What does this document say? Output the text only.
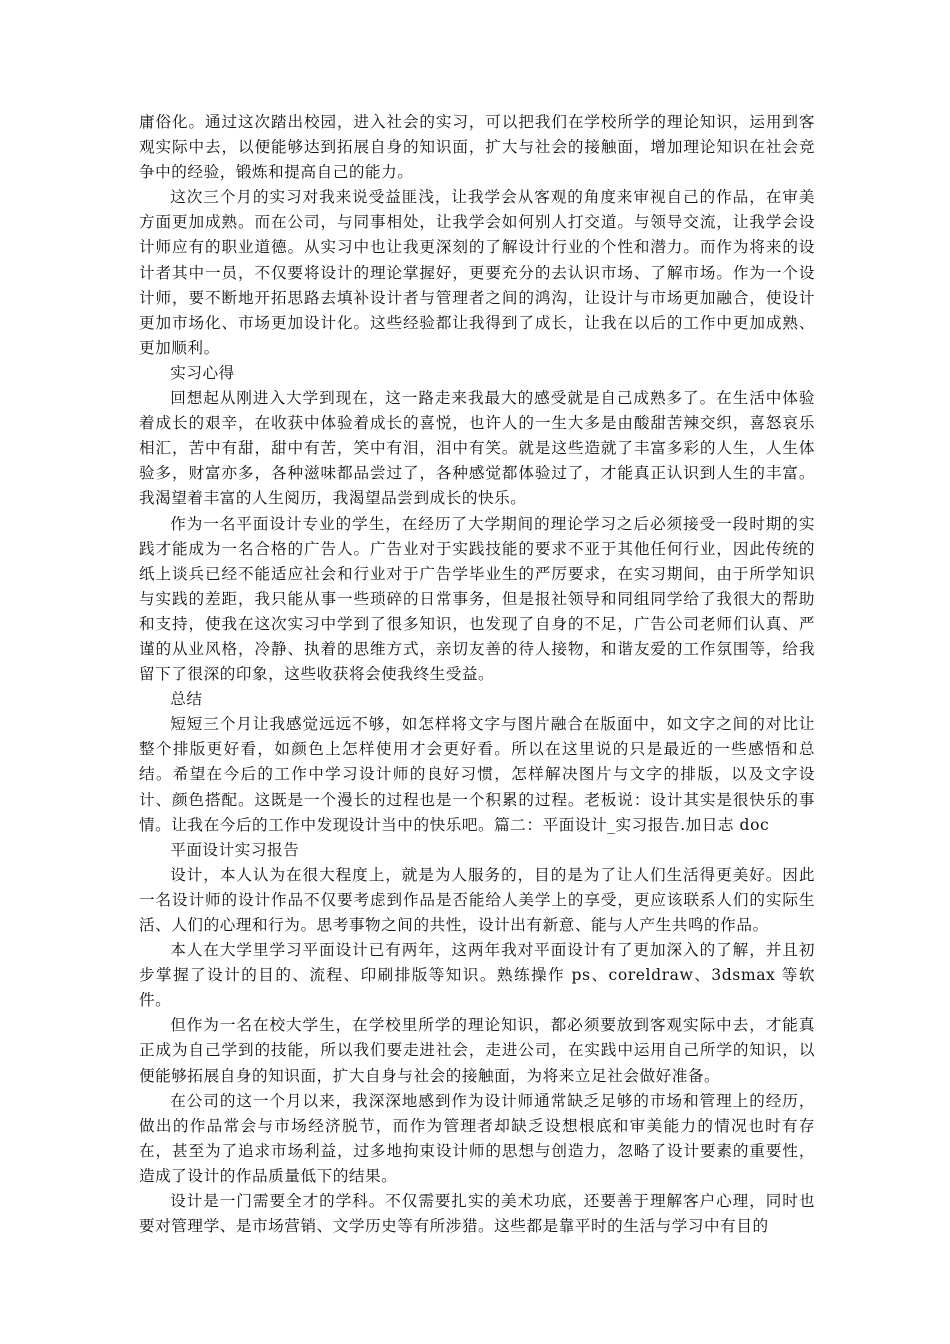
庸俗化。通过这次踏出校园，进入社会的实习，可以把我们在学校所学的理论知识，运用到客观实际中去，以便能够达到拓展自身的知识面，扩大与社会的接触面，增加理论知识在社会竞争中的经验，锻炼和提高自己的能力。

这次三个月的实习对我来说受益匪浅，让我学会从客观的角度来审视自己的作品，在审美方面更加成熟。而在公司，与同事相处，让我学会如何别人打交道。与领导交流，让我学会设计师应有的职业道德。从实习中也让我更深刻的了解设计行业的个性和潜力。而作为将来的设计者其中一员，不仅要将设计的理论掌握好，更要充分的去认识市场、了解市场。作为一个设计师，要不断地开拓思路去填补设计者与管理者之间的鸿沟，让设计与市场更加融合，使设计更加市场化、市场更加设计化。这些经验都让我得到了成长，让我在以后的工作中更加成熟、更加顺利。

实习心得

回想起从刚进入大学到现在，这一路走来我最大的感受就是自己成熟多了。在生活中体验着成长的艰辛，在收获中体验着成长的喜悦，也许人的一生大多是由酸甜苦辣交织，喜怒哀乐相汇，苦中有甜，甜中有苦，笑中有泪，泪中有笑。就是这些造就了丰富多彩的人生，人生体验多，财富亦多，各种滋味都品尝过了，各种感觉都体验过了，才能真正认识到人生的丰富。我渴望着丰富的人生阅历，我渴望品尝到成长的快乐。

作为一名平面设计专业的学生，在经历了大学期间的理论学习之后必须接受一段时期的实践才能成为一名合格的广告人。广告业对于实践技能的要求不亚于其他任何行业，因此传统的纸上谈兵已经不能适应社会和行业对于广告学毕业生的严厉要求，在实习期间，由于所学知识与实践的差距，我只能从事一些琐碎的日常事务，但是报社领导和同组同学给了我很大的帮助和支持，使我在这次实习中学到了很多知识，也发现了自身的不足，广告公司老师们认真、严谨的从业风格，冷静、执着的思维方式，亲切友善的待人接物，和谐友爱的工作氛围等，给我留下了很深的印象，这些收获将会使我终生受益。

总结

短短三个月让我感觉远远不够，如怎样将文字与图片融合在版面中，如文字之间的对比让整个排版更好看，如颜色上怎样使用才会更好看。所以在这里说的只是最近的一些感悟和总结。希望在今后的工作中学习设计师的良好习惯，怎样解决图片与文字的排版，以及文字设计、颜色搭配。这既是一个漫长的过程也是一个积累的过程。老板说：设计其实是很快乐的事情。让我在今后的工作中发现设计当中的快乐吧。篇二：平面设计_实习报告.加日志 doc

平面设计实习报告

设计，本人认为在很大程度上，就是为人服务的，目的是为了让人们生活得更美好。因此一名设计师的设计作品不仅要考虑到作品是否能给人美学上的享受，更应该联系人们的实际生活、人们的心理和行为。思考事物之间的共性，设计出有新意、能与人产生共鸣的作品。

本人在大学里学习平面设计已有两年，这两年我对平面设计有了更加深入的了解，并且初步掌握了设计的目的、流程、印刷排版等知识。熟练操作 ps、coreldraw、3dsmax 等软件。

但作为一名在校大学生，在学校里所学的理论知识，都必须要放到客观实际中去，才能真正成为自己学到的技能，所以我们要走进社会，走进公司，在实践中运用自己所学的知识，以便能够拓展自身的知识面，扩大自身与社会的接触面，为将来立足社会做好准备。

在公司的这一个月以来，我深深地感到作为设计师通常缺乏足够的市场和管理上的经历，做出的作品常会与市场经济脱节，而作为管理者却缺乏设想根底和审美能力的情况也时有存在，甚至为了追求市场利益，过多地拘束设计师的思想与创造力，忽略了设计要素的重要性，造成了设计的作品质量低下的结果。

设计是一门需要全才的学科。不仅需要扎实的美术功底，还要善于理解客户心理，同时也要对管理学、是市场营销、文学历史等有所涉猎。这些都是靠平时的生活与学习中有目的
